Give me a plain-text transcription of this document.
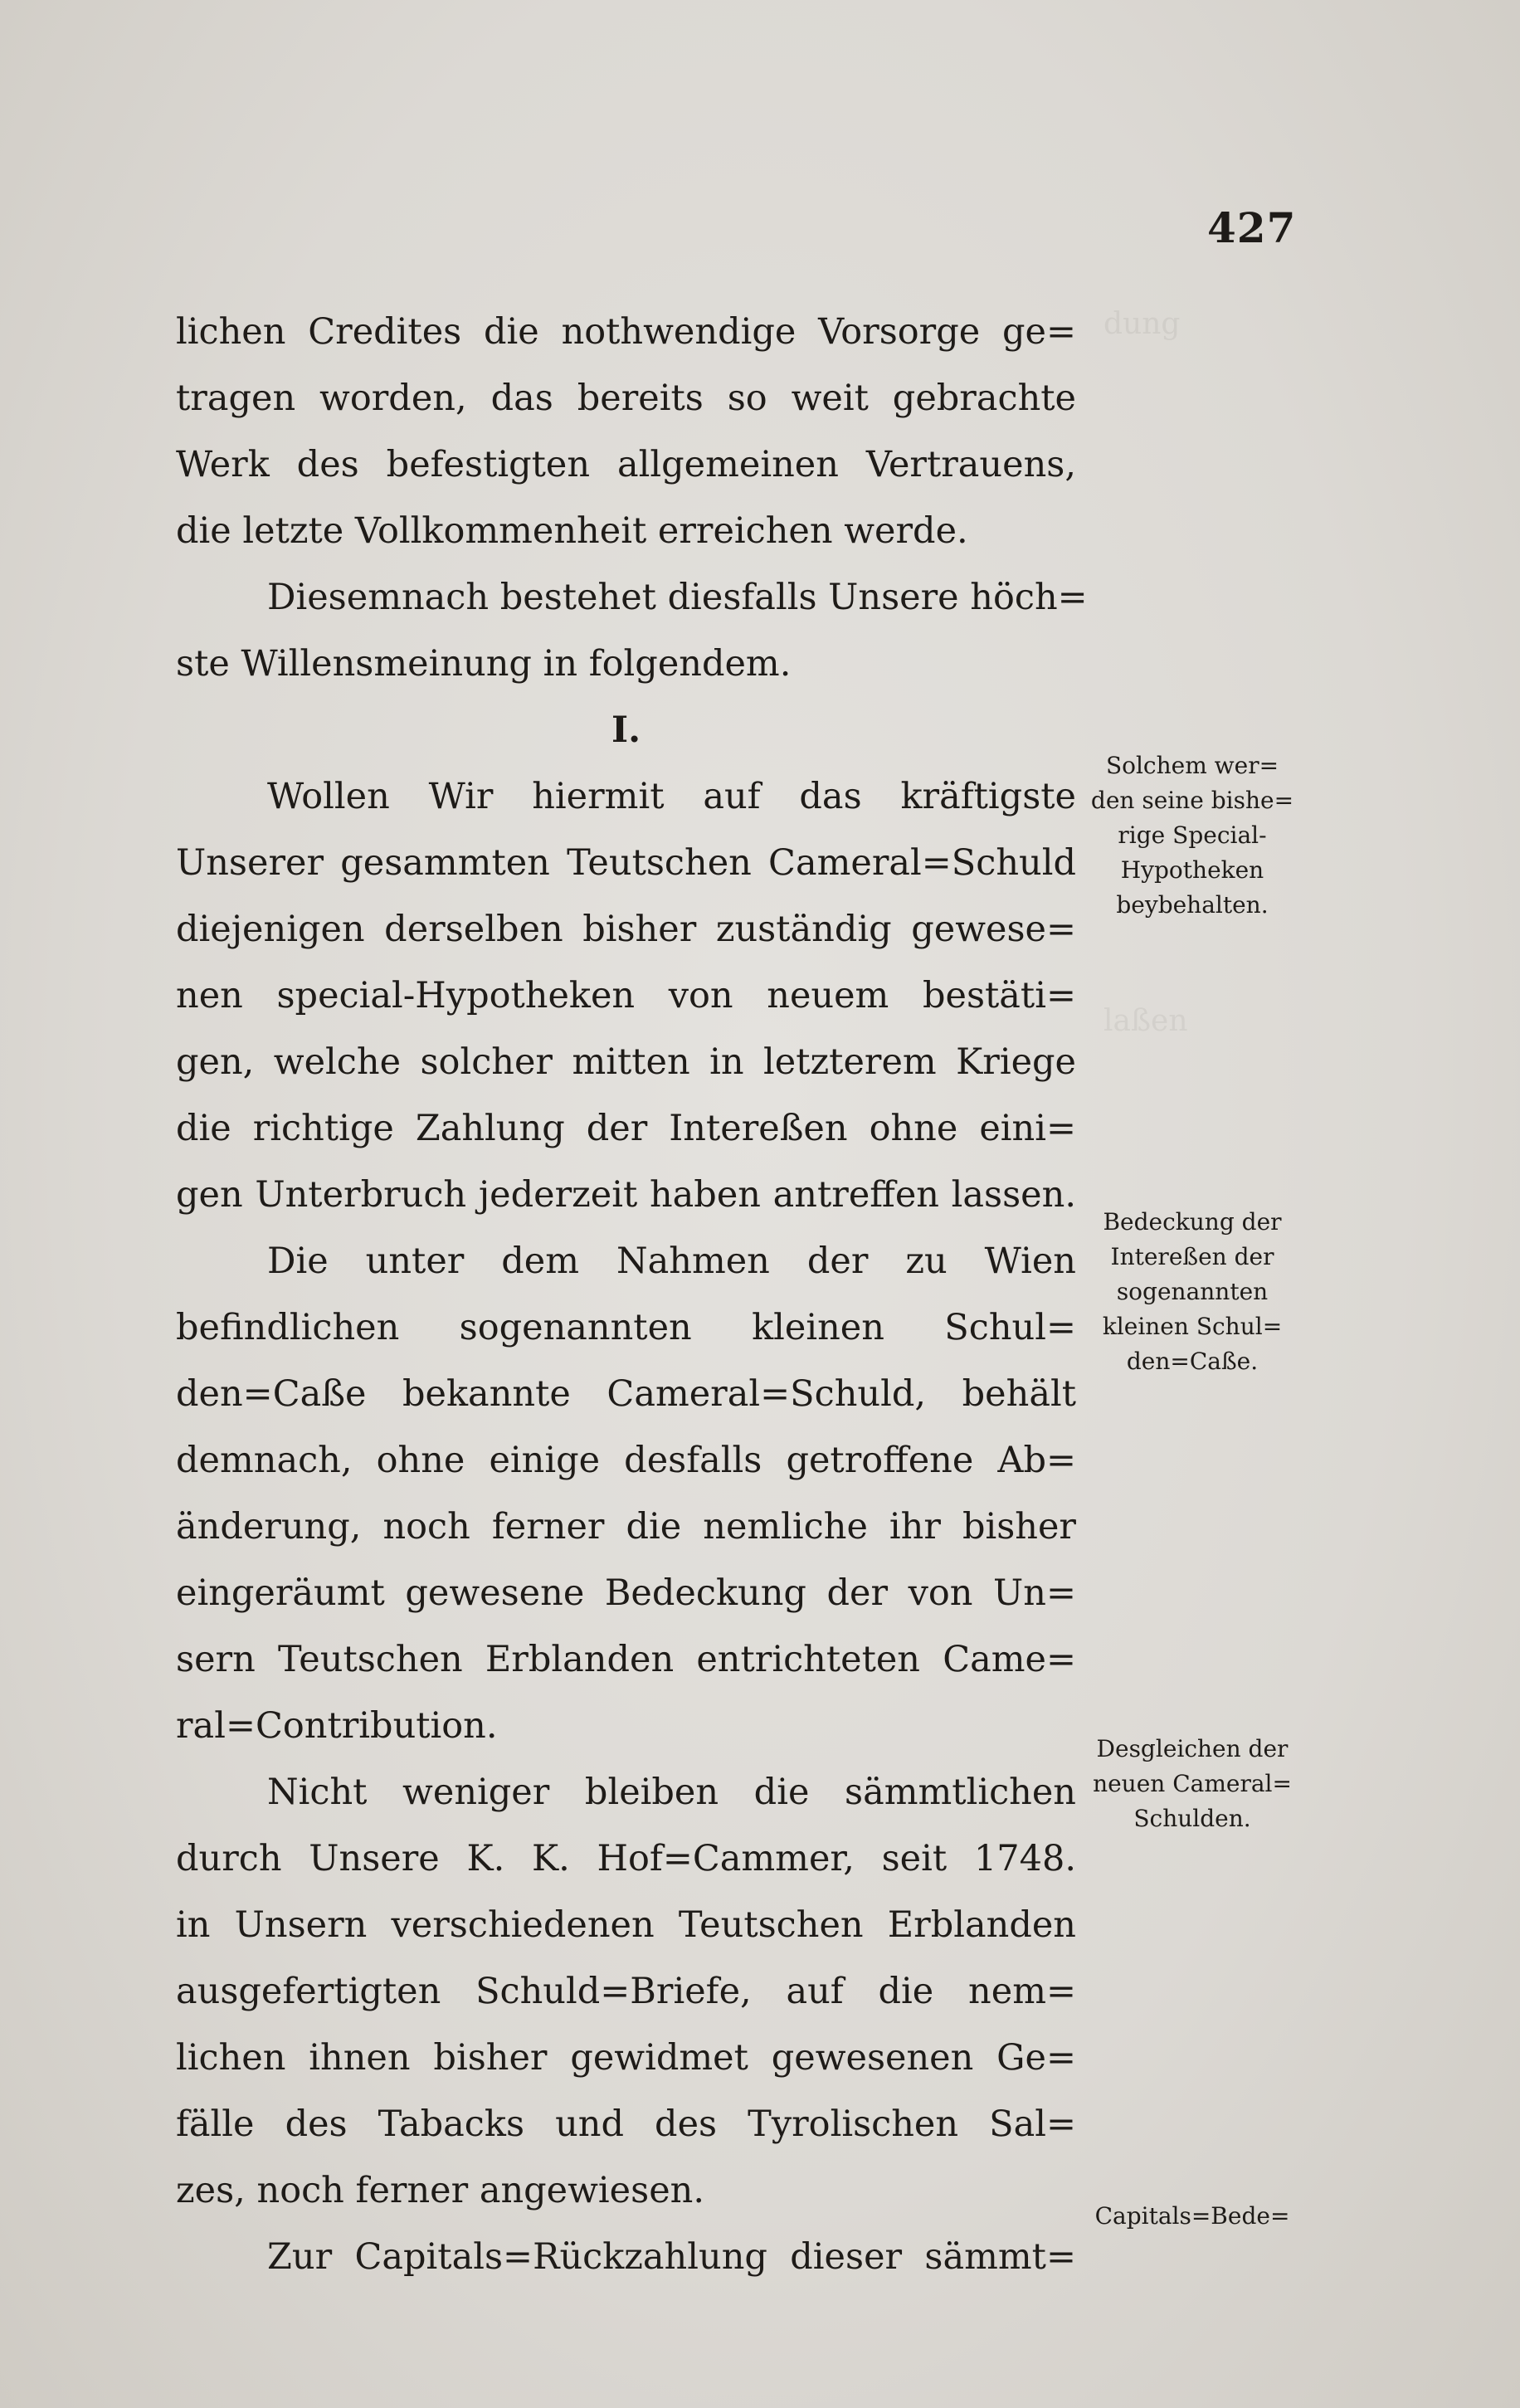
dung
laßen
427
lichen Credites die nothwendige Vorsorge ge=
tragen worden, das bereits so weit gebrachte
Werk des befestigten allgemeinen Vertrauens,
die letzte Vollkommenheit erreichen werde.
Diesemnach bestehet diesfalls Unsere höch=
ste Willensmeinung in folgendem.
I.
Wollen Wir hiermit auf das kräftigste
Unserer gesammten Teutschen Cameral=Schuld
diejenigen derselben bisher zuständig gewese=
nen special-Hypotheken von neuem bestäti=
gen, welche solcher mitten in letzterem Kriege
die richtige Zahlung der Intereßen ohne eini=
gen Unterbruch jederzeit haben antreffen lassen.
Die unter dem Nahmen der zu Wien
befindlichen sogenannten kleinen Schul=
den=Caße bekannte Cameral=Schuld, behält
demnach, ohne einige desfalls getroffene Ab=
änderung, noch ferner die nemliche ihr bisher
eingeräumt gewesene Bedeckung der von Un=
sern Teutschen Erblanden entrichteten Came=
ral=Contribution.
Nicht weniger bleiben die sämmtlichen
durch Unsere K. K. Hof=Cammer, seit 1748.
in Unsern verschiedenen Teutschen Erblanden
ausgefertigten Schuld=Briefe, auf die nem=
lichen ihnen bisher gewidmet gewesenen Ge=
fälle des Tabacks und des Tyrolischen Sal=
zes, noch ferner angewiesen.
Zur Capitals=Rückzahlung dieser sämmt=
Solchem wer=
den seine bishe=
rige Special-
Hypotheken
beybehalten.
Bedeckung der
Intereßen der
sogenannten
kleinen Schul=
den=Caße.
Desgleichen der
neuen Cameral=
Schulden.
Capitals=Bede=
